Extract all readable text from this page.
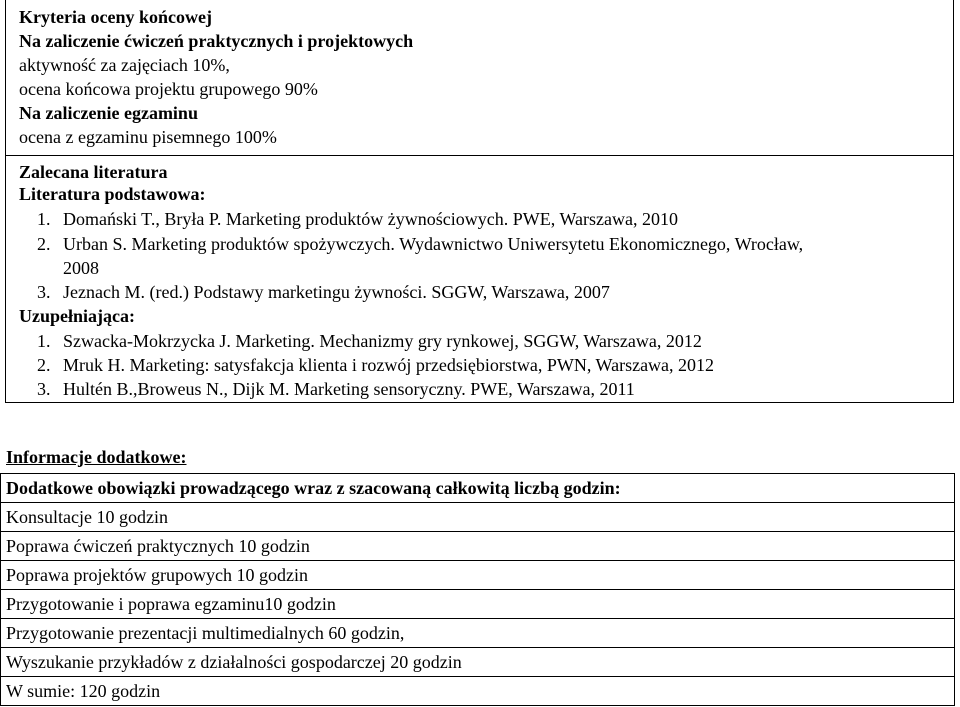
Kryteria oceny końcowej
Na zaliczenie ćwiczeń praktycznych i projektowych
aktywność za zajęciach 10%,
ocena końcowa projektu grupowego 90%
Na zaliczenie egzaminu
ocena z egzaminu pisemnego 100%
Zalecana literatura
Literatura podstawowa:
1. Domański T., Bryła P. Marketing produktów żywnościowych. PWE, Warszawa, 2010
2. Urban S. Marketing produktów spożywczych. Wydawnictwo Uniwersytetu Ekonomicznego, Wrocław,
2008
3. Jeznach M. (red.) Podstawy marketingu żywności. SGGW, Warszawa, 2007
Uzupełniająca:
1. Szwacka-Mokrzycka J. Marketing. Mechanizmy gry rynkowej, SGGW, Warszawa, 2012
2. Mruk H. Marketing: satysfakcja klienta i rozwój przedsiębiorstwa, PWN, Warszawa, 2012
3. Hultén B.,Broweus N., Dijk M. Marketing sensoryczny. PWE, Warszawa, 2011
Informacje dodatkowe:
Dodatkowe obowiązki prowadzącego wraz z szacowaną całkowitą liczbą godzin:
Konsultacje 10 godzin
Poprawa ćwiczeń praktycznych 10 godzin
Poprawa projektów grupowych 10 godzin
Przygotowanie i poprawa egzaminu10 godzin
Przygotowanie prezentacji multimedialnych 60 godzin,
Wyszukanie przykładów z działalności gospodarczej 20 godzin
W sumie: 120 godzin
